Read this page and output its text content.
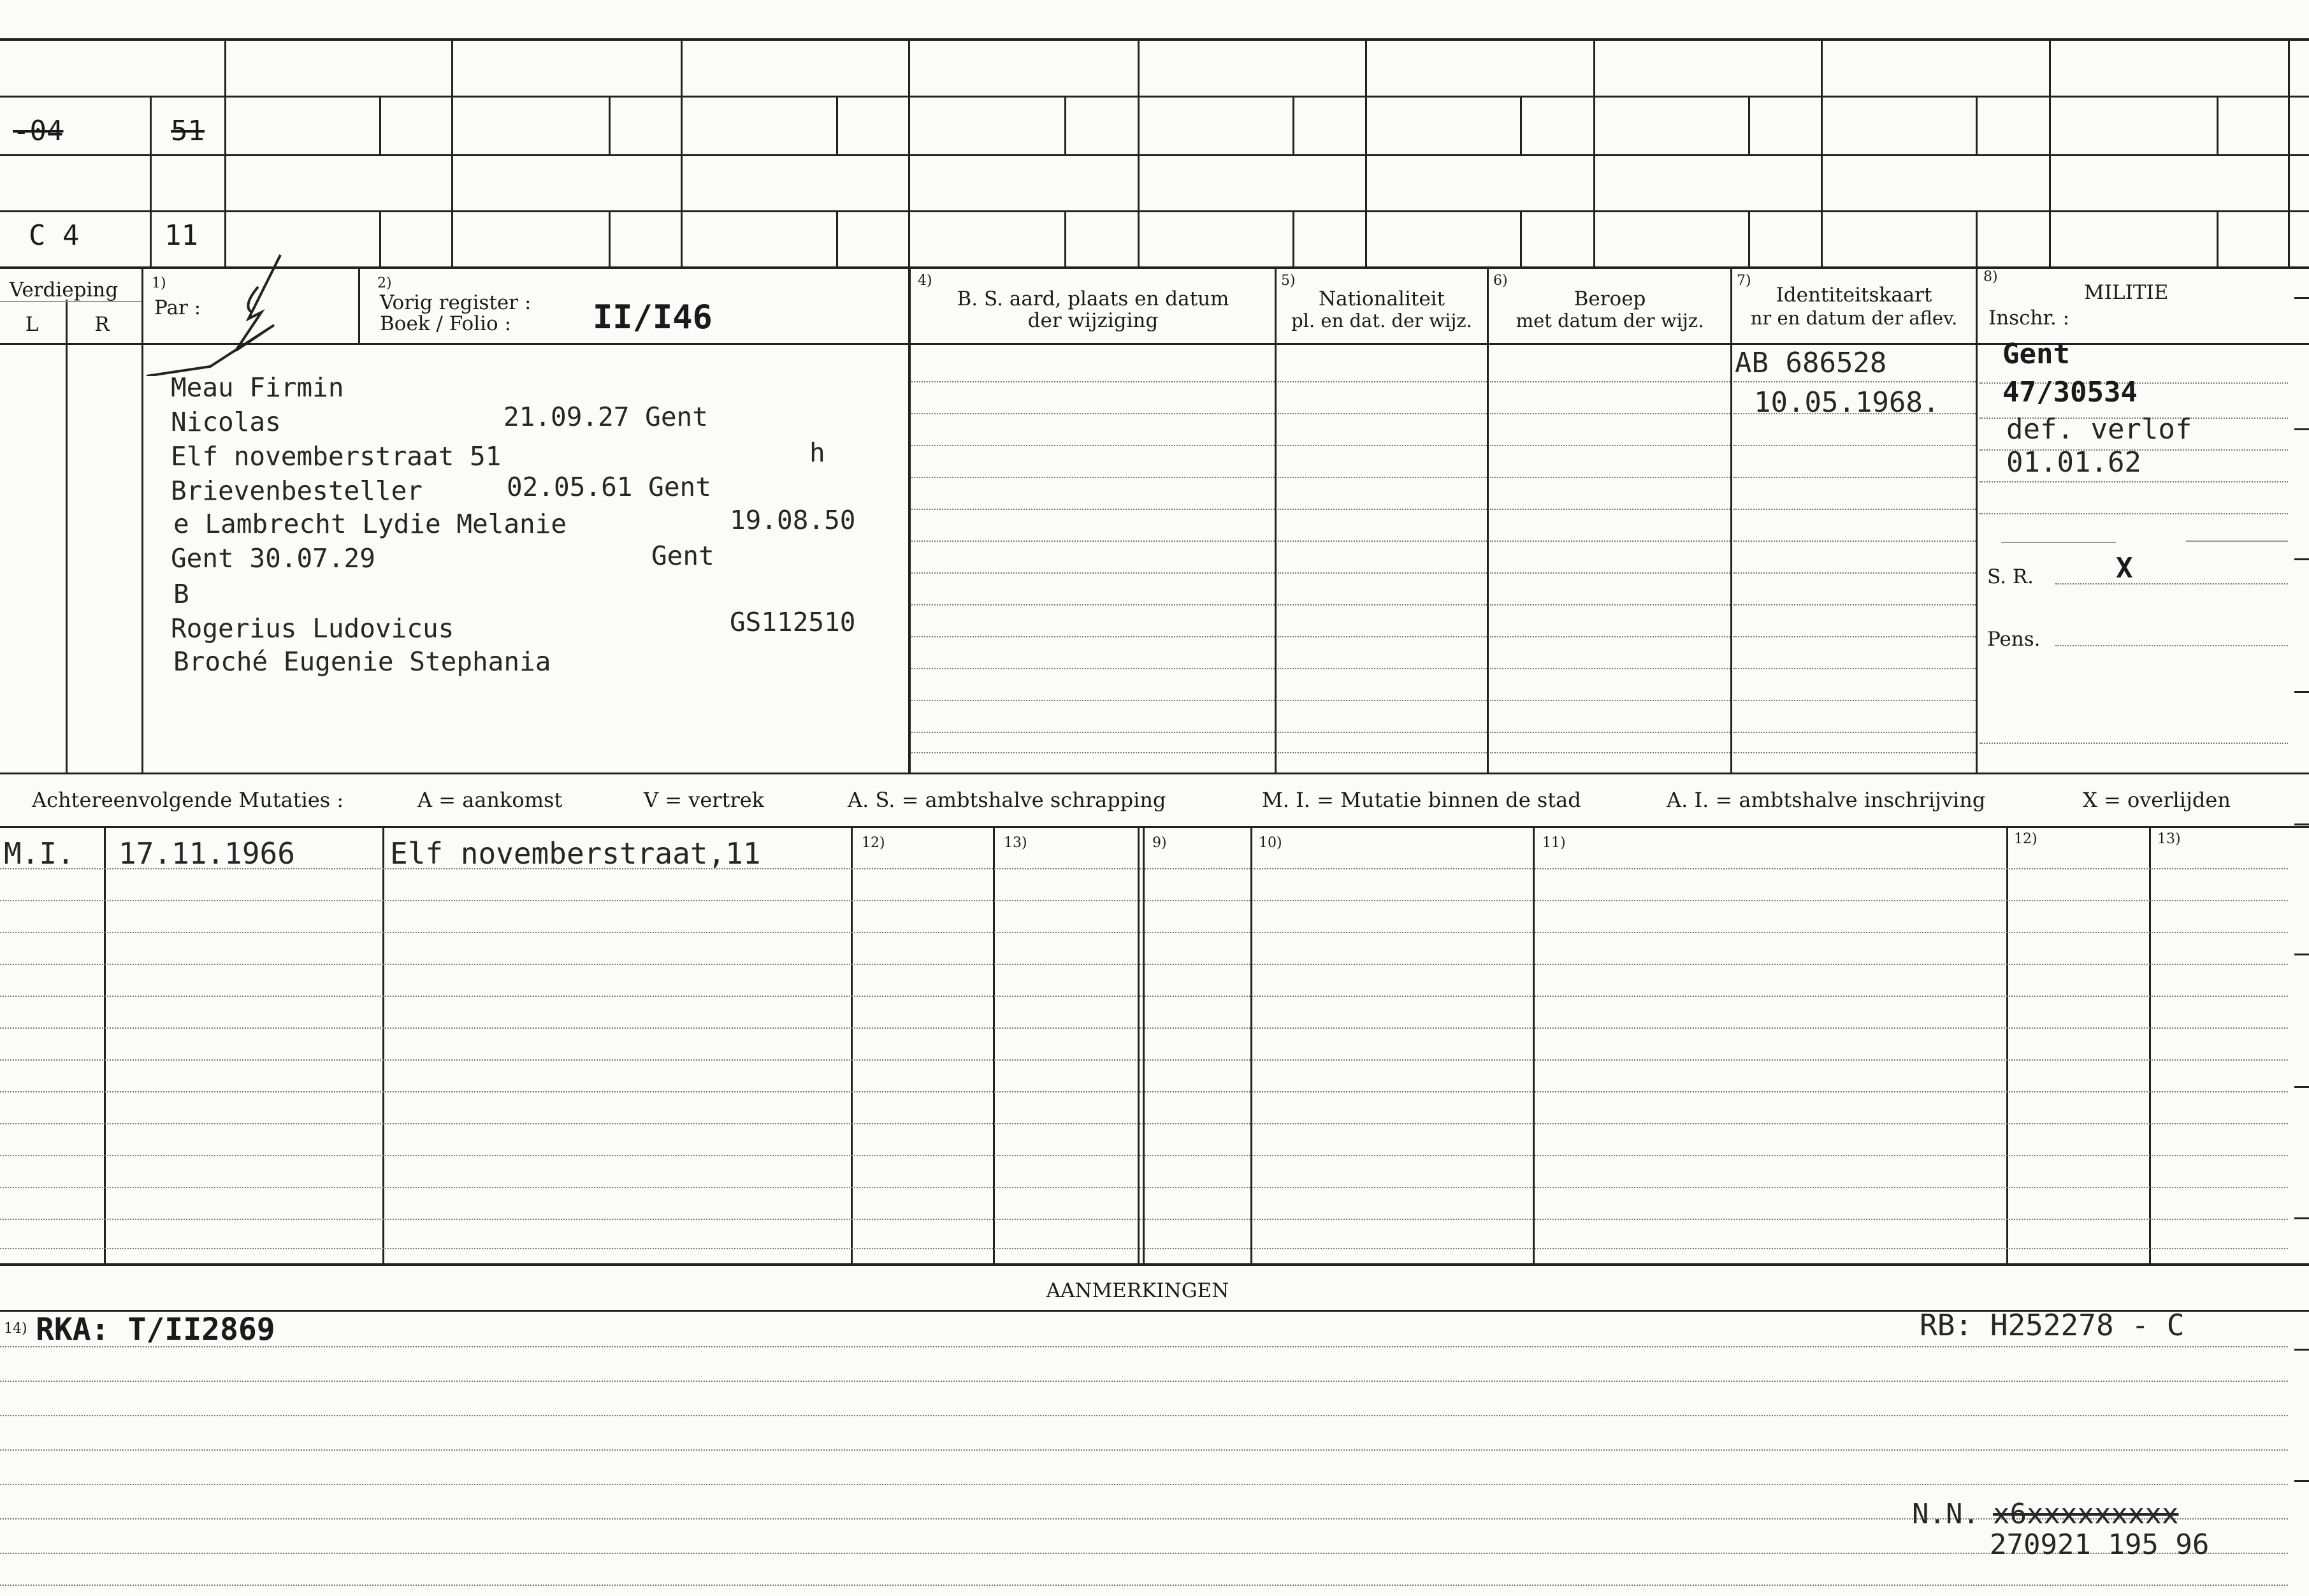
-04	51
C 4	11
Verdieping
L	R
1)
Par :
2)
Vorig register :
Boek / Folio : II/I46
4)
B. S. aard, plaats en datum
der wijziging
5)
Nationaliteit
pl. en dat. der wijz.
6)
Beroep
met datum der wijz.
7)
Identiteitskaart
nr en datum der aflev.
8)
MILITIE
Inschr. :
Meau Firmin
Nicolas	21.09.27 Gent
Elf novemberstraat 51	h
Brievenbesteller	02.05.61 Gent
e Lambrecht Lydie Melanie	19.08.50
Gent 30.07.29	Gent
B
Rogerius Ludovicus	GS112510
Broché Eugenie Stephania
AB 686528
10.05.1968.
Gent
47/30534
def. verlof
01.01.62
S. R.	X
Pens.
Achtereenvolgende Mutaties :	A = aankomst	V = vertrek	A. S. = ambtshalve schrapping	M. I. = Mutatie binnen de stad	A. I. = ambtshalve inschrijving	X = overlijden
M.I. 17.11.1966	Elf novemberstraat,11	12)	13)	9)	10)	11)	12)	13)
AANMERKINGEN
14) RKA: T/II2869	RB: H252278 - C
N.N. x6xxxxxxxxx
270921 195 96
